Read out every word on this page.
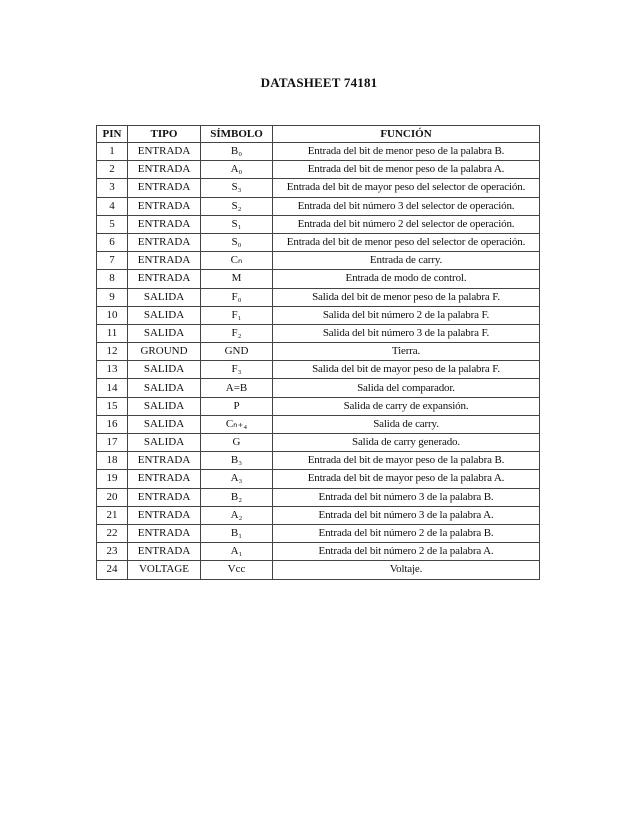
DATASHEET 74181
PIN	TIPO	SÍMBOLO	FUNCIÓN
1	ENTRADA	B₀	Entrada del bit de menor peso de la palabra B.
2	ENTRADA	A₀	Entrada del bit de menor peso de la palabra A.
3	ENTRADA	S₃	Entrada del bit de mayor peso del selector de operación.
4	ENTRADA	S₂	Entrada del bit número 3 del selector de operación.
5	ENTRADA	S₁	Entrada del bit número 2 del selector de operación.
6	ENTRADA	S₀	Entrada del bit de menor peso del selector de operación.
7	ENTRADA	Cₙ	Entrada de carry.
8	ENTRADA	M	Entrada de modo de control.
9	SALIDA	F₀	Salida del bit de menor peso de la palabra F.
10	SALIDA	F₁	Salida del bit número 2 de la palabra F.
11	SALIDA	F₂	Salida del bit número 3 de la palabra F.
12	GROUND	GND	Tierra.
13	SALIDA	F₃	Salida del bit de mayor peso de la palabra F.
14	SALIDA	A=B	Salida del comparador.
15	SALIDA	P	Salida de carry de expansión.
16	SALIDA	Cₙ₊₄	Salida de carry.
17	SALIDA	G	Salida de carry generado.
18	ENTRADA	B₃	Entrada del bit de mayor peso de la palabra B.
19	ENTRADA	A₃	Entrada del bit de mayor peso de la palabra A.
20	ENTRADA	B₂	Entrada del bit número 3 de la palabra B.
21	ENTRADA	A₂	Entrada del bit número 3 de la palabra A.
22	ENTRADA	B₁	Entrada del bit número 2 de la palabra B.
23	ENTRADA	A₁	Entrada del bit número 2 de la palabra A.
24	VOLTAGE	Vcc	Voltaje.
